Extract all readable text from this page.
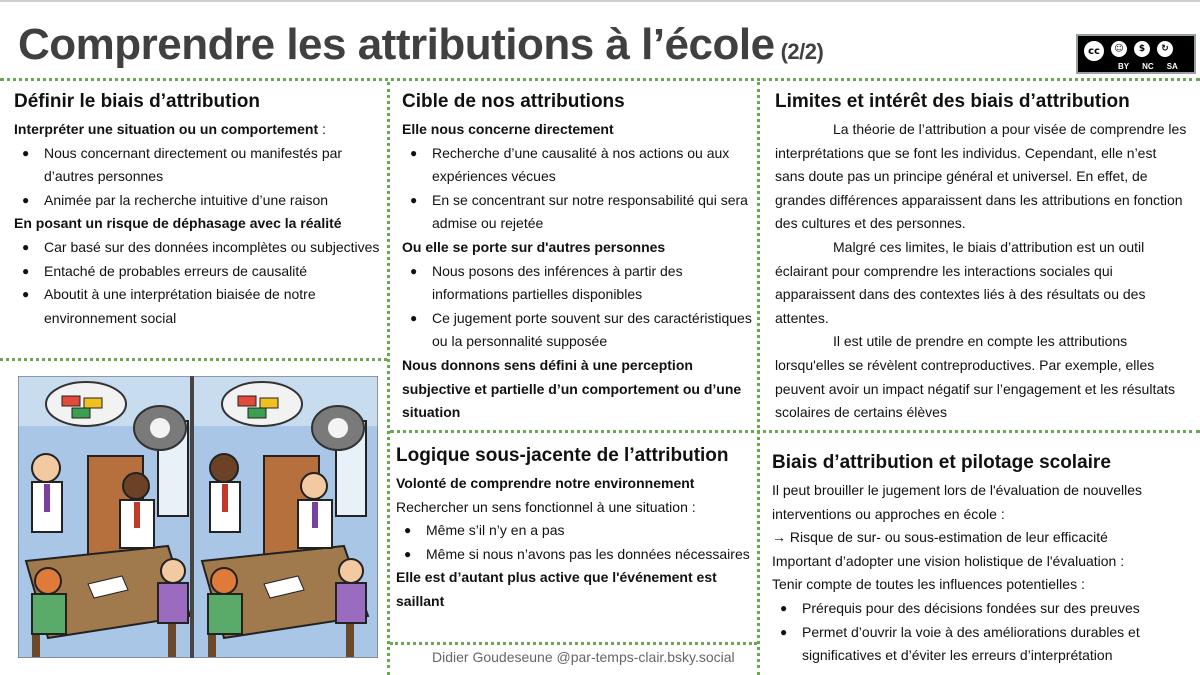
Comprendre les attributions à l’école (2/2)	cc	☺	$	↻
BY NC SA
Définir le biais d’attribution

Interpréter une situation ou un comportement :

● Nous concernant directement ou manifestés par d’autres personnes
● Animée par la recherche intuitive d’une raison

En posant un risque de déphasage avec la réalité

● Car basé sur des données incomplètes ou subjectives
● Entaché de probables erreurs de causalité
● Aboutit à une interprétation biaisée de notre environnement social
Cible de nos attributions

Elle nous concerne directement

● Recherche d’une causalité à nos actions ou aux expériences vécues
● En se concentrant sur notre responsabilité qui sera admise ou rejetée

Ou elle se porte sur d'autres personnes

● Nous posons des inférences à partir des informations partielles disponibles
● Ce jugement porte souvent sur des caractéristiques ou la personnalité supposée

Nous donnons sens défini à une perception subjective et partielle d’un comportement ou d’une situation

Limites et intérêt des biais d’attribution

La théorie de l’attribution a pour visée de comprendre les interprétations que se font les individus. Cependant, elle n’est sans doute pas un principe général et universel. En effet, de grandes différences apparaissent dans les attributions en fonction des cultures et des personnes.

Malgré ces limites, le biais d’attribution est un outil éclairant pour comprendre les interactions sociales qui apparaissent dans des contextes liés à des résultats ou des attentes.

Il est utile de prendre en compte les attributions lorsqu'elles se révèlent contreproductives. Par exemple, elles peuvent avoir un impact négatif sur l’engagement et les résultats scolaires de certains élèves

Logique sous-jacente de l’attribution

Volonté de comprendre notre environnement

Rechercher un sens fonctionnel à une situation :

● Même s’il n’y en a pas
● Même si nous n’avons pas les données nécessaires

Elle est d’autant plus active que l'événement est saillant

Biais d’attribution et pilotage scolaire

Il peut brouiller le jugement lors de l'évaluation de nouvelles interventions ou approches en école :

→ Risque de sur- ou sous-estimation de leur efficacité

Important d’adopter une vision holistique de l'évaluation :

Tenir compte de toutes les influences potentielles :

● Prérequis pour des décisions fondées sur des preuves
● Permet d’ouvrir la voie à des améliorations durables et significatives et d’éviter les erreurs d’interprétation
Didier Goudeseune @par-temps-clair.bsky.social
